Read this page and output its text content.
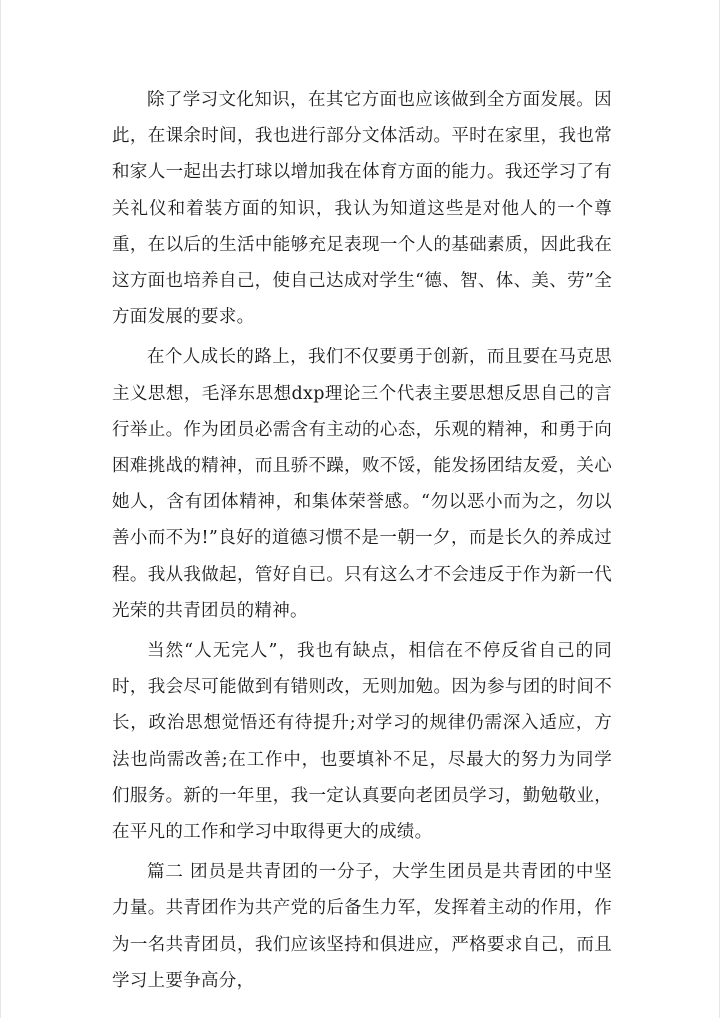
除了学习文化知识，在其它方面也应该做到全方面发展。因此，在课余时间，我也进行部分文体活动。平时在家里，我也常和家人一起出去打球以增加我在体育方面的能力。我还学习了有关礼仪和着装方面的知识，我认为知道这些是对他人的一个尊重，在以后的生活中能够充足表现一个人的基础素质，因此我在这方面也培养自己，使自己达成对学生“德、智、体、美、劳”全方面发展的要求。

在个人成长的路上，我们不仅要勇于创新，而且要在马克思主义思想，毛泽东思想dxp理论三个代表主要思想反思自己的言行举止。作为团员必需含有主动的心态，乐观的精神，和勇于向困难挑战的精神，而且骄不躁，败不馁，能发扬团结友爱，关心她人，含有团体精神，和集体荣誉感。“勿以恶小而为之，勿以善小而不为!”良好的道德习惯不是一朝一夕，而是长久的养成过程。我从我做起，管好自已。只有这么才不会违反于作为新一代光荣的共青团员的精神。

当然“人无完人”，我也有缺点，相信在不停反省自己的同时，我会尽可能做到有错则改，无则加勉。因为参与团的时间不长，政治思想觉悟还有待提升;对学习的规律仍需深入适应，方法也尚需改善;在工作中，也要填补不足，尽最大的努力为同学们服务。新的一年里，我一定认真要向老团员学习，勤勉敬业，在平凡的工作和学习中取得更大的成绩。

篇二 团员是共青团的一分子，大学生团员是共青团的中坚力量。共青团作为共产党的后备生力军，发挥着主动的作用，作为一名共青团员，我们应该坚持和俱进应，严格要求自己，而且学习上要争高分，
